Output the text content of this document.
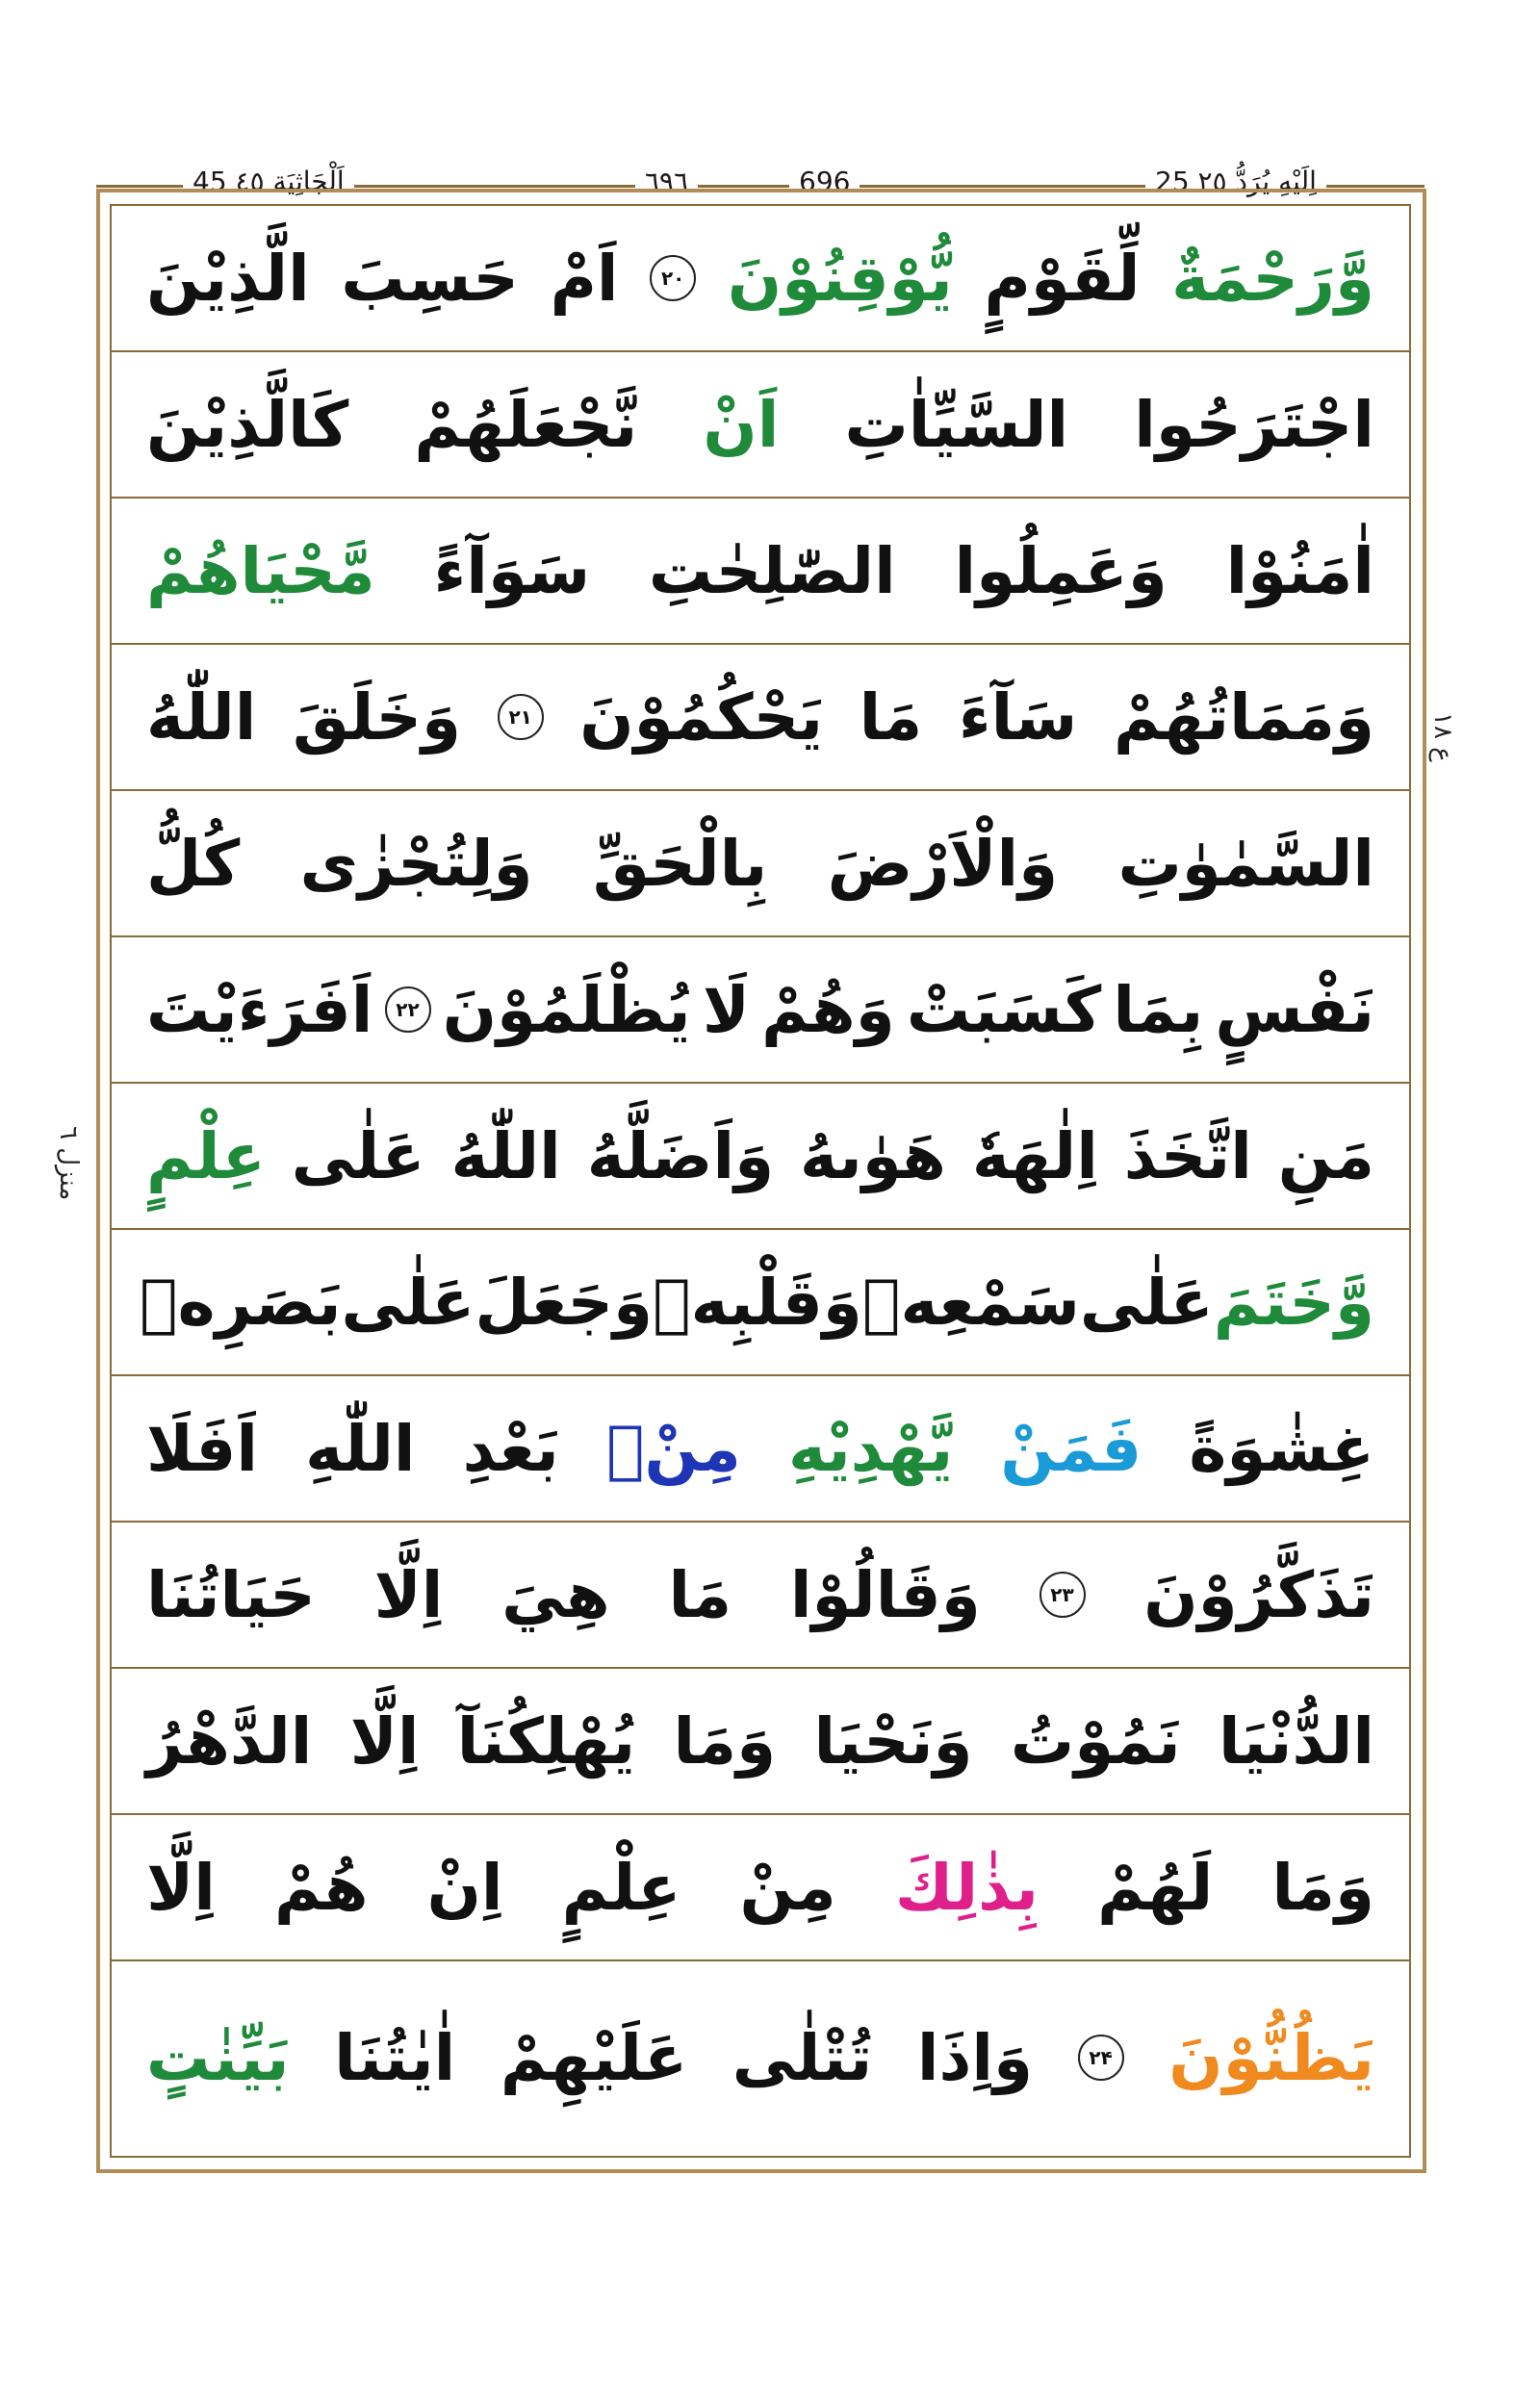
45 اَلْجَاثِيَة ٤٥	٦٩٦	696	25 اِلَيْهِ يُرَدُّ ٢٥
ع ١٨
منزل ٦
وَّرَحْمَةٌ
لِّقَوْمٍ
يُّوْقِنُوْنَ
۲۰
اَمْ
حَسِبَ
الَّذِيْنَ
اجْتَرَحُوا
السَّيِّاٰتِ
اَنْ
نَّجْعَلَهُمْ
كَالَّذِيْنَ
اٰمَنُوْا
وَعَمِلُوا
الصّٰلِحٰتِ
سَوَآءً
مَّحْيَاهُمْ
وَمَمَاتُهُمْ
سَآءَ
مَا
يَحْكُمُوْنَ
۲۱
وَخَلَقَ
اللّٰهُ
السَّمٰوٰتِ
وَالْاَرْضَ
بِالْحَقِّ
وَلِتُجْزٰى
كُلُّ
نَفْسٍ
بِمَا
كَسَبَتْ
وَهُمْ
لَا
يُظْلَمُوْنَ
۲۲
اَفَرَءَيْتَ
مَنِ
اتَّخَذَ
اِلٰهَهٗ
هَوٰىهُ
وَاَضَلَّهُ
اللّٰهُ
عَلٰى
عِلْمٍ
وَّخَتَمَ
عَلٰى
سَمْعِهٖ
وَقَلْبِهٖ
وَجَعَلَ
عَلٰى
بَصَرِهٖ
غِشٰوَةً
فَمَنْ
يَّهْدِيْهِ
مِنْۢ
بَعْدِ
اللّٰهِ
اَفَلَا
تَذَكَّرُوْنَ
۲۳
وَقَالُوْا
مَا
هِيَ
اِلَّا
حَيَاتُنَا
الدُّنْيَا
نَمُوْتُ
وَنَحْيَا
وَمَا
يُهْلِكُنَآ
اِلَّا
الدَّهْرُ
وَمَا
لَهُمْ
بِذٰلِكَ
مِنْ
عِلْمٍ
اِنْ
هُمْ
اِلَّا
يَظُنُّوْنَ
۲۴
وَاِذَا
تُتْلٰى
عَلَيْهِمْ
اٰيٰتُنَا
بَيِّنٰتٍ
